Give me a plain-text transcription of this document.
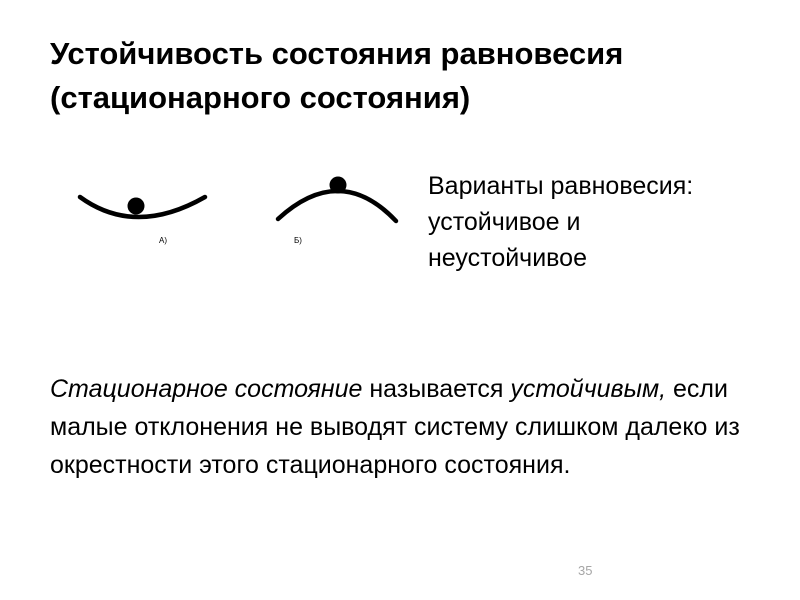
Устойчивость состояния равновесия
(стационарного состояния)
А)	Б)
Варианты равновесия:
устойчивое и
неустойчивое

Стационарное состояние называется устойчивым, если малые отклонения не выводят систему слишком далеко из окрестности этого стационарного состояния.

35
